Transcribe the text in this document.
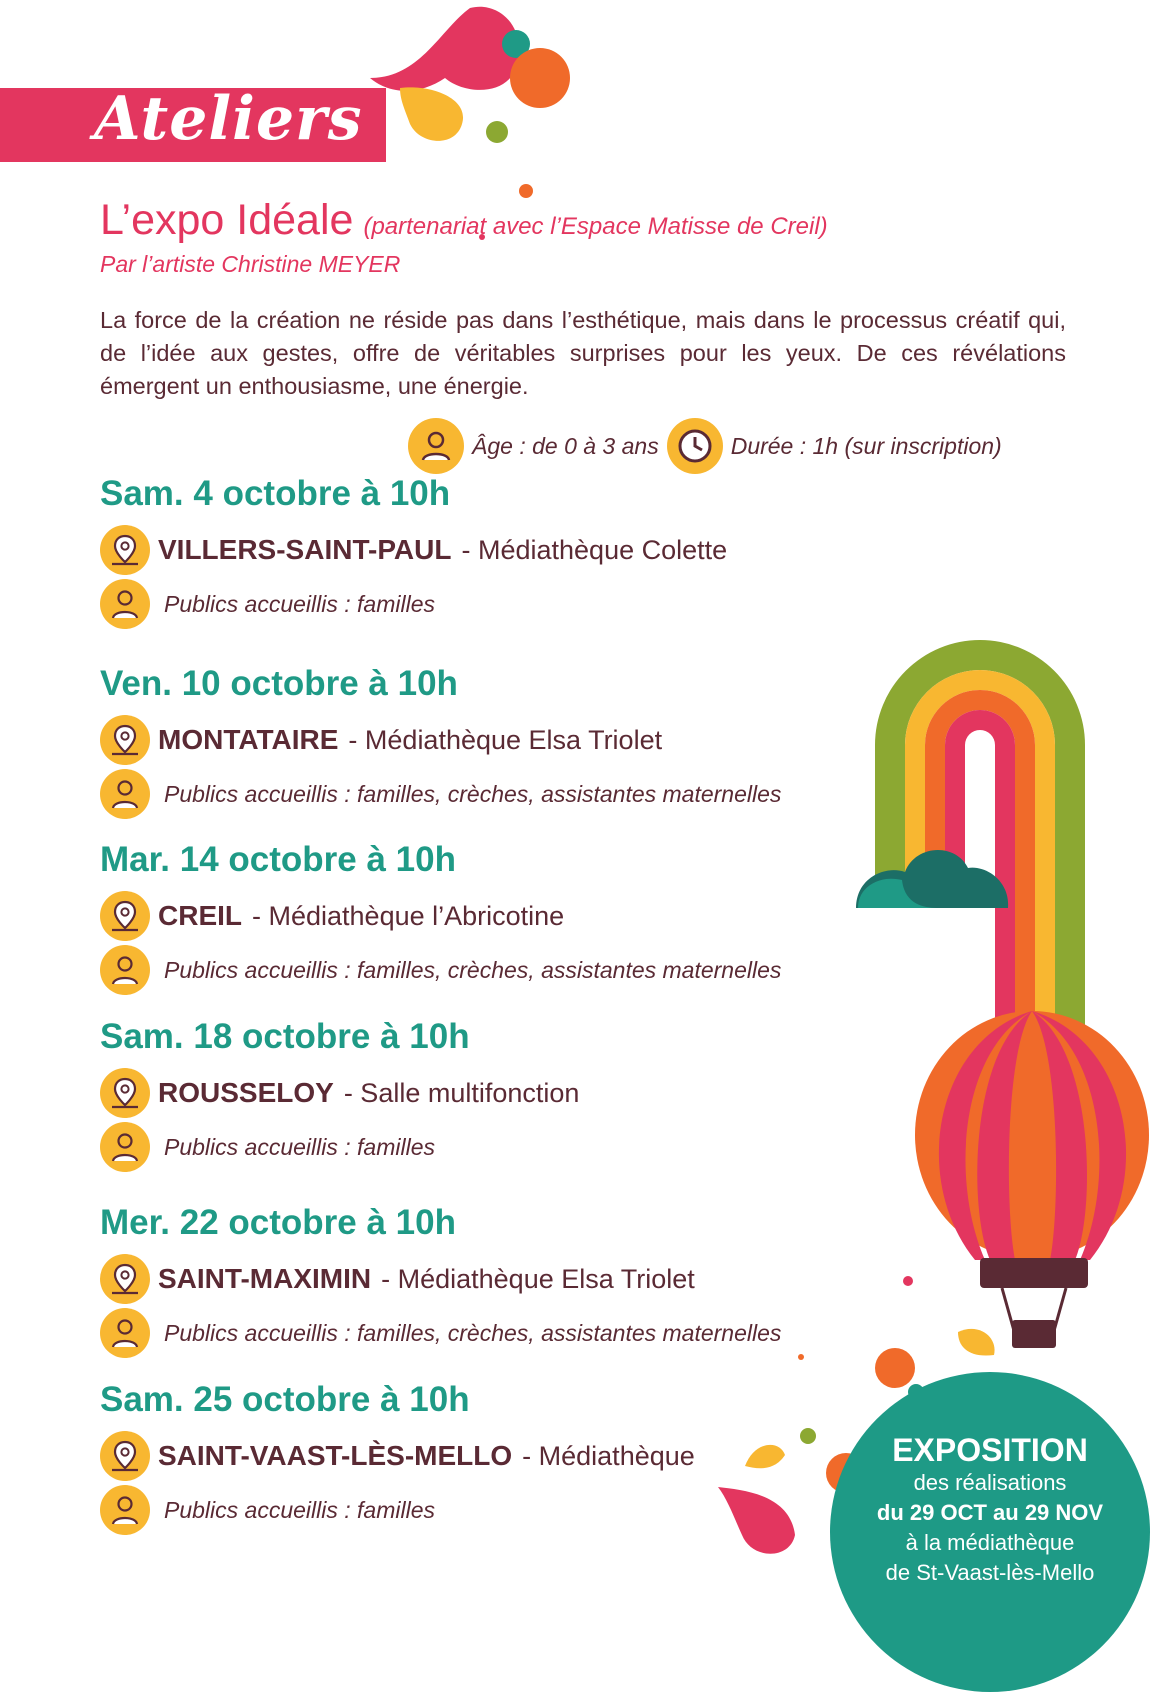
Ateliers
L’expo Idéale (partenariat avec l’Espace Matisse de Creil)
Par l’artiste Christine MEYER
La force de la création ne réside pas dans l’esthétique, mais dans le processus créatif qui, de l’idée aux gestes, offre de véritables surprises pour les yeux. De ces révélations émergent un enthousiasme, une énergie.
Âge : de 0 à 3 ans	Durée : 1h (sur inscription)
Sam. 4 octobre à 10h
VILLERS-SAINT-PAUL - Médiathèque Colette
Publics accueillis : familles
Ven. 10 octobre à 10h
MONTATAIRE - Médiathèque Elsa Triolet
Publics accueillis : familles, crèches, assistantes maternelles
Mar. 14 octobre à 10h
CREIL - Médiathèque l’Abricotine
Publics accueillis : familles, crèches, assistantes maternelles
Sam. 18 octobre à 10h
ROUSSELOY - Salle multifonction
Publics accueillis : familles
Mer. 22 octobre à 10h
SAINT-MAXIMIN - Médiathèque Elsa Triolet
Publics accueillis : familles, crèches, assistantes maternelles
Sam. 25 octobre à 10h
SAINT-VAAST-LÈS-MELLO - Médiathèque
Publics accueillis : familles
EXPOSITION
des réalisations
du 29 OCT au 29 NOV
à la médiathèque
de St-Vaast-lès-Mello
